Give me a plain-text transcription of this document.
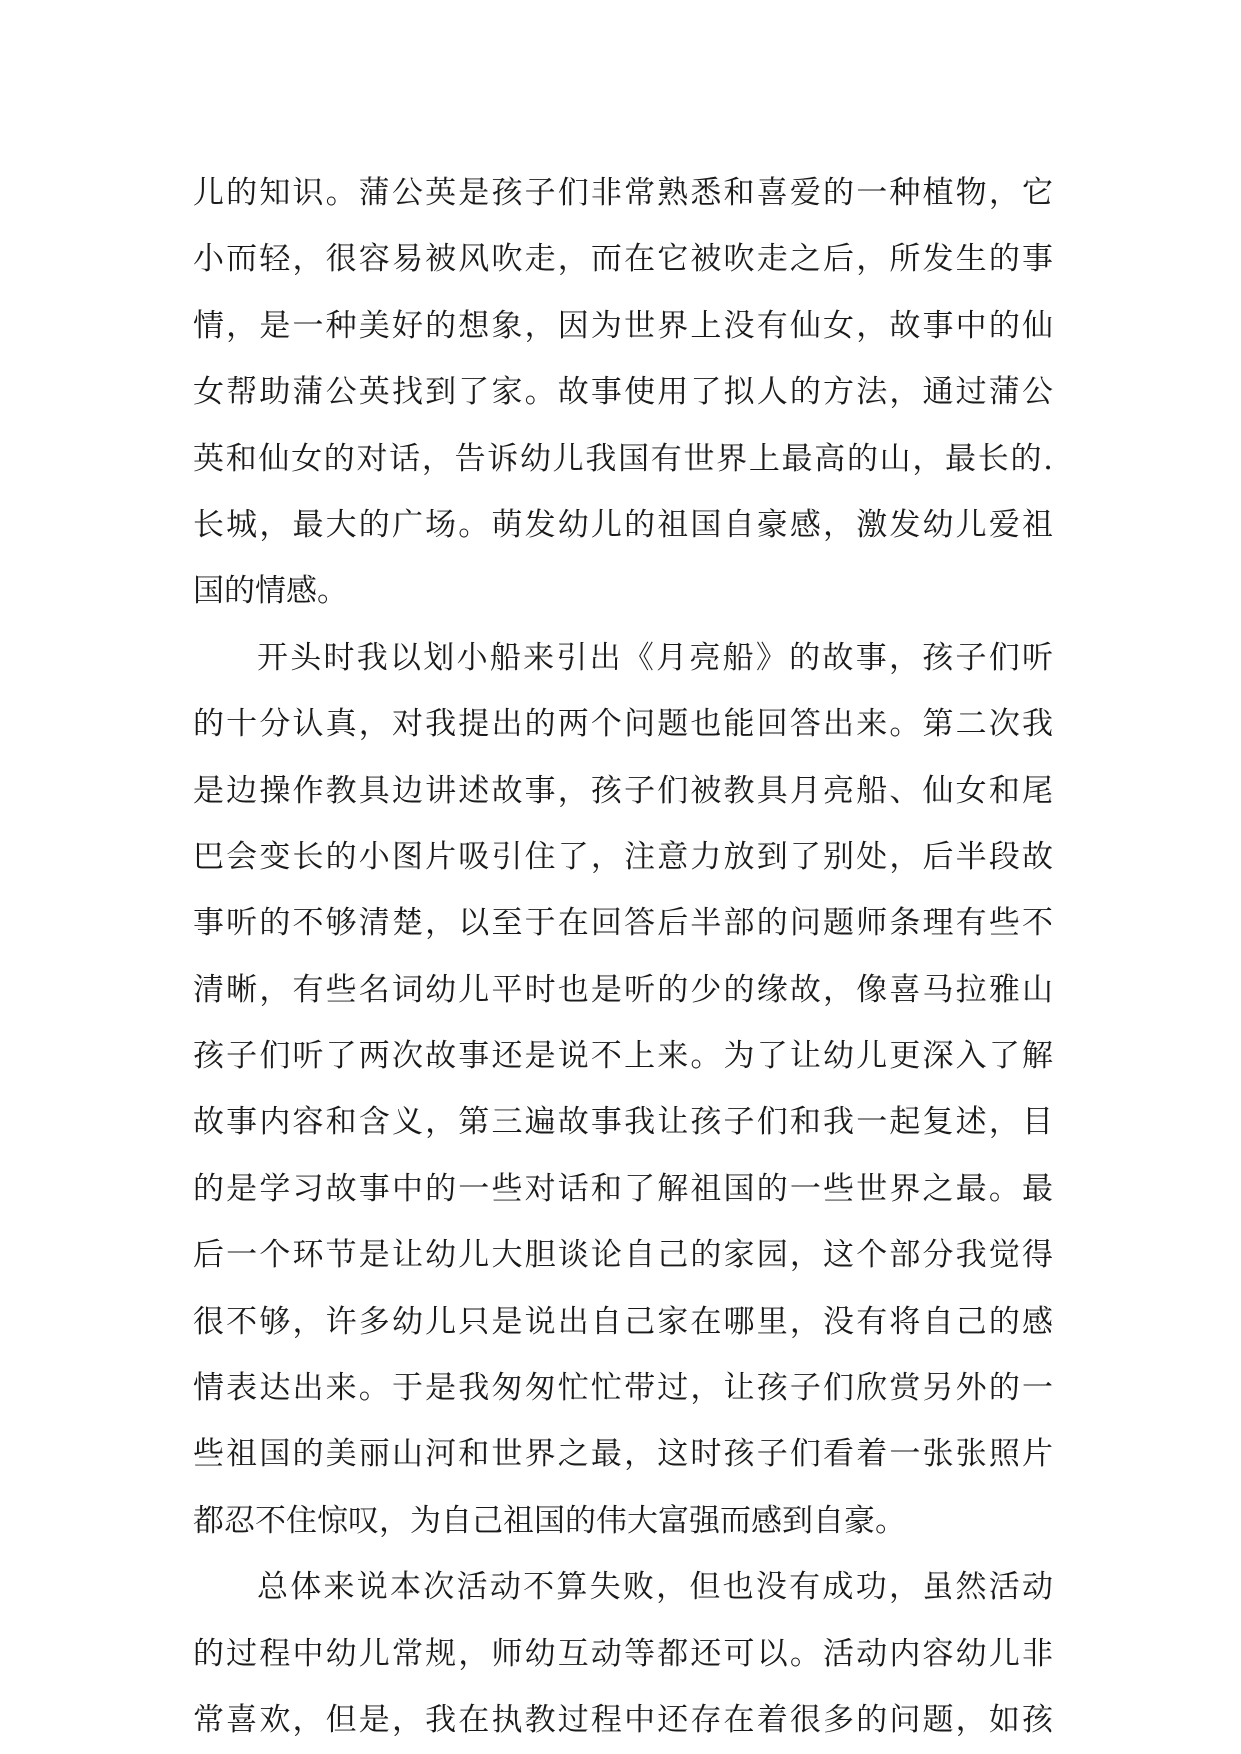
儿的知识。蒲公英是孩子们非常熟悉和喜爱的一种植物，它
小而轻，很容易被风吹走，而在它被吹走之后，所发生的事
情，是一种美好的想象，因为世界上没有仙女，故事中的仙
女帮助蒲公英找到了家。故事使用了拟人的方法，通过蒲公
英和仙女的对话，告诉幼儿我国有世界上最高的山，最长的.
长城，最大的广场。萌发幼儿的祖国自豪感，激发幼儿爱祖
国的情感。
开头时我以划小船来引出《月亮船》的故事，孩子们听
的十分认真，对我提出的两个问题也能回答出来。第二次我
是边操作教具边讲述故事，孩子们被教具月亮船、仙女和尾
巴会变长的小图片吸引住了，注意力放到了别处，后半段故
事听的不够清楚，以至于在回答后半部的问题师条理有些不
清晰，有些名词幼儿平时也是听的少的缘故，像喜马拉雅山
孩子们听了两次故事还是说不上来。为了让幼儿更深入了解
故事内容和含义，第三遍故事我让孩子们和我一起复述，目
的是学习故事中的一些对话和了解祖国的一些世界之最。最
后一个环节是让幼儿大胆谈论自己的家园，这个部分我觉得
很不够，许多幼儿只是说出自己家在哪里，没有将自己的感
情表达出来。于是我匆匆忙忙带过，让孩子们欣赏另外的一
些祖国的美丽山河和世界之最，这时孩子们看着一张张照片
都忍不住惊叹，为自己祖国的伟大富强而感到自豪。
总体来说本次活动不算失败，但也没有成功，虽然活动
的过程中幼儿常规，师幼互动等都还可以。活动内容幼儿非
常喜欢，但是，我在执教过程中还存在着很多的问题，如孩
